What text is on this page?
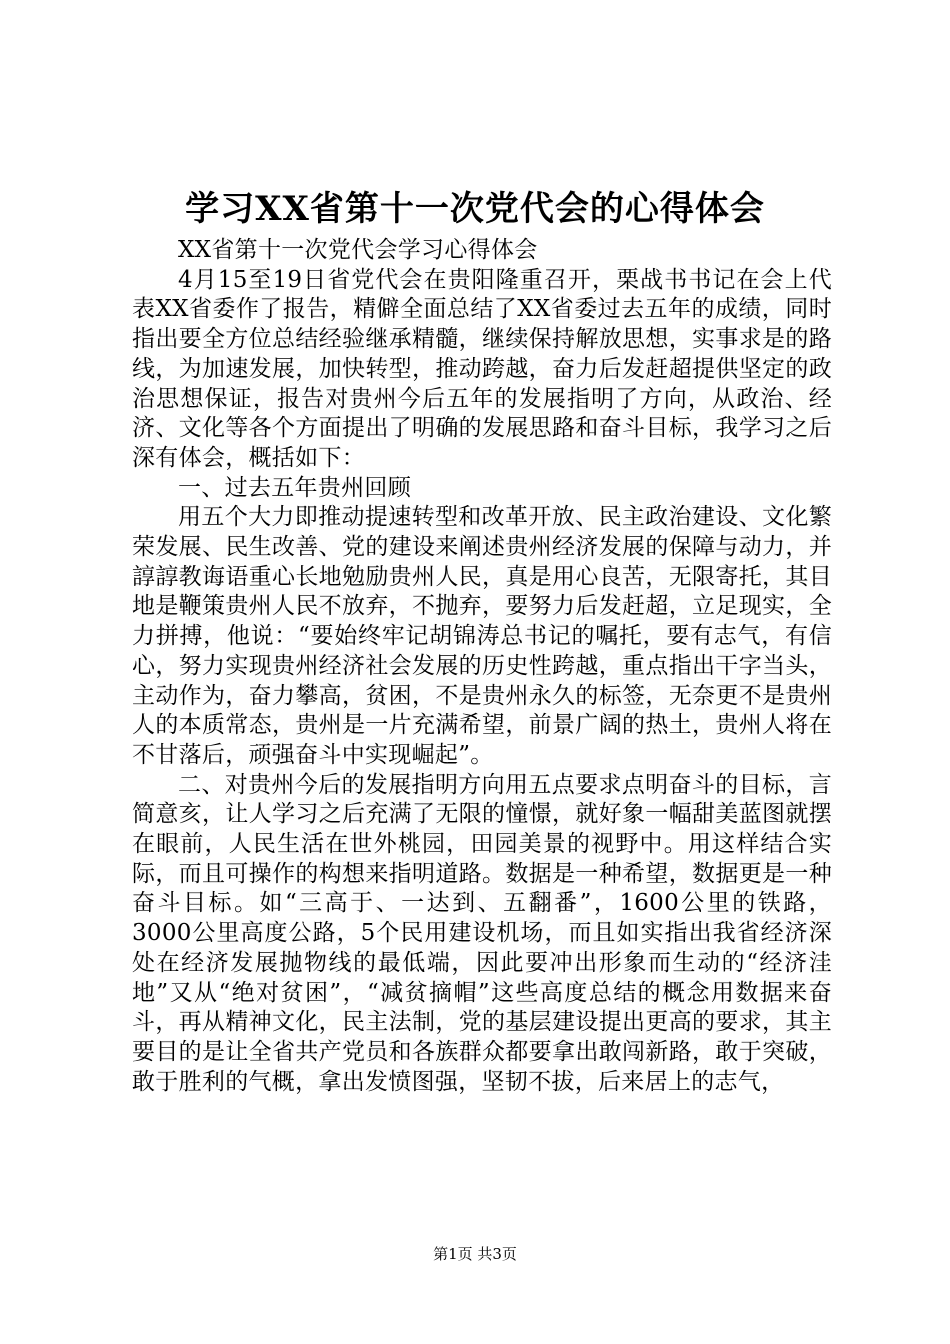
学习XX省第十一次党代会的心得体会

XX省第十一次党代会学习心得体会

4月15至19日省党代会在贵阳隆重召开，栗战书书记在会上代表XX省委作了报告，精僻全面总结了XX省委过去五年的成绩，同时指出要全方位总结经验继承精髓，继续保持解放思想，实事求是的路线，为加速发展，加快转型，推动跨越，奋力后发赶超提供坚定的政治思想保证，报告对贵州今后五年的发展指明了方向，从政治、经济、文化等各个方面提出了明确的发展思路和奋斗目标，我学习之后深有体会，概括如下：

一、过去五年贵州回顾

用五个大力即推动提速转型和改革开放、民主政治建设、文化繁荣发展、民生改善、党的建设来阐述贵州经济发展的保障与动力，并諄諄教诲语重心长地勉励贵州人民，真是用心良苦，无限寄托，其目地是鞭策贵州人民不放弃，不抛弃，要努力后发赶超，立足现实，全力拼搏，他说：“要始终牢记胡锦涛总书记的嘱托，要有志气，有信心，努力实现贵州经济社会发展的历史性跨越，重点指出干字当头，主动作为，奋力攀高，贫困，不是贵州永久的标签，无奈更不是贵州人的本质常态，贵州是一片充满希望，前景广阔的热土，贵州人将在不甘落后，顽强奋斗中实现崛起”。

二、对贵州今后的发展指明方向用五点要求点明奋斗的目标，言简意亥，让人学习之后充满了无限的憧憬，就好象一幅甜美蓝图就摆在眼前，人民生活在世外桃园，田园美景的视野中。用这样结合实际，而且可操作的构想来指明道路。数据是一种希望，数据更是一种奋斗目标。如“三高于、一达到、五翻番”，1600公里的铁路，3000公里高度公路，5个民用建设机场，而且如实指出我省经济深处在经济发展抛物线的最低端，因此要冲出形象而生动的“经济洼地”又从“绝对贫困”，“减贫摘帽”这些高度总结的概念用数据来奋斗，再从精神文化，民主法制，党的基层建设提出更高的要求，其主要目的是让全省共产党员和各族群众都要拿出敢闯新路，敢于突破，敢于胜利的气概，拿出发愤图强，坚韧不拔，后来居上的志气，

第1页 共3页
